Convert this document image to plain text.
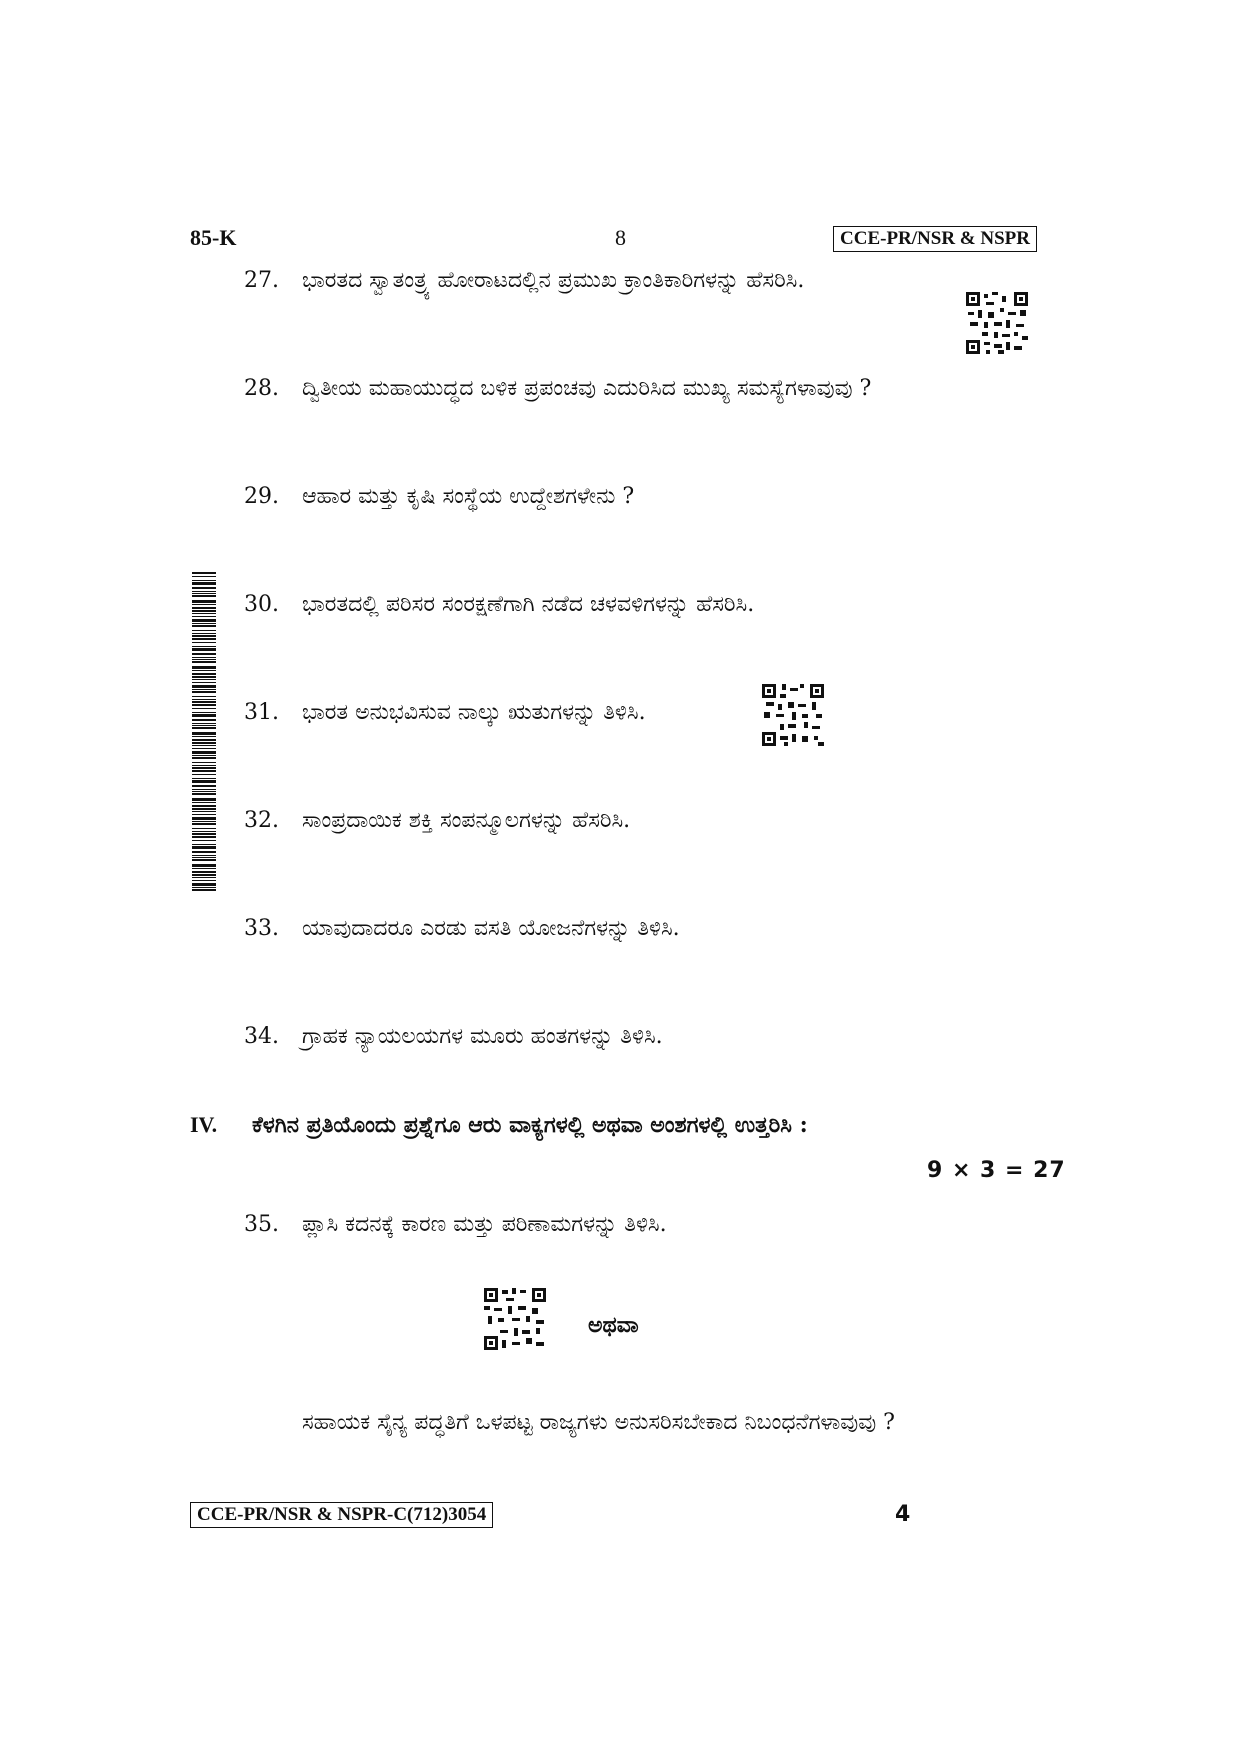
85-K	8	CCE-PR/NSR & NSPR
27. ಭಾರತದ ಸ್ವಾತಂತ್ರ್ಯ ಹೋರಾಟದಲ್ಲಿನ ಪ್ರಮುಖ ಕ್ರಾಂತಿಕಾರಿಗಳನ್ನು ಹೆಸರಿಸಿ.
28. ದ್ವಿತೀಯ ಮಹಾಯುದ್ಧದ ಬಳಿಕ ಪ್ರಪಂಚವು ಎದುರಿಸಿದ ಮುಖ್ಯ ಸಮಸ್ಯೆಗಳಾವುವು ?
29. ಆಹಾರ ಮತ್ತು ಕೃಷಿ ಸಂಸ್ಥೆಯ ಉದ್ದೇಶಗಳೇನು ?
30. ಭಾರತದಲ್ಲಿ ಪರಿಸರ ಸಂರಕ್ಷಣೆಗಾಗಿ ನಡೆದ ಚಳವಳಿಗಳನ್ನು ಹೆಸರಿಸಿ.
31. ಭಾರತ ಅನುಭವಿಸುವ ನಾಲ್ಕು ಋತುಗಳನ್ನು ತಿಳಿಸಿ.
32. ಸಾಂಪ್ರದಾಯಿಕ ಶಕ್ತಿ ಸಂಪನ್ಮೂಲಗಳನ್ನು ಹೆಸರಿಸಿ.
33. ಯಾವುದಾದರೂ ಎರಡು ವಸತಿ ಯೋಜನೆಗಳನ್ನು ತಿಳಿಸಿ.
34. ಗ್ರಾಹಕ ನ್ಯಾಯಲಯಗಳ ಮೂರು ಹಂತಗಳನ್ನು ತಿಳಿಸಿ.
IV. ಕೆಳಗಿನ ಪ್ರತಿಯೊಂದು ಪ್ರಶ್ನೆಗೂ ಆರು ವಾಕ್ಯಗಳಲ್ಲಿ ಅಥವಾ ಅಂಶಗಳಲ್ಲಿ ಉತ್ತರಿಸಿ :
9 × 3 = 27
35. ಪ್ಲಾಸಿ ಕದನಕ್ಕೆ ಕಾರಣ ಮತ್ತು ಪರಿಣಾಮಗಳನ್ನು ತಿಳಿಸಿ.
ಅಥವಾ
ಸಹಾಯಕ ಸೈನ್ಯ ಪದ್ಧತಿಗೆ ಒಳಪಟ್ಟ ರಾಜ್ಯಗಳು ಅನುಸರಿಸಬೇಕಾದ ನಿಬಂಧನೆಗಳಾವುವು ?
CCE-PR/NSR & NSPR-C(712)3054	4
